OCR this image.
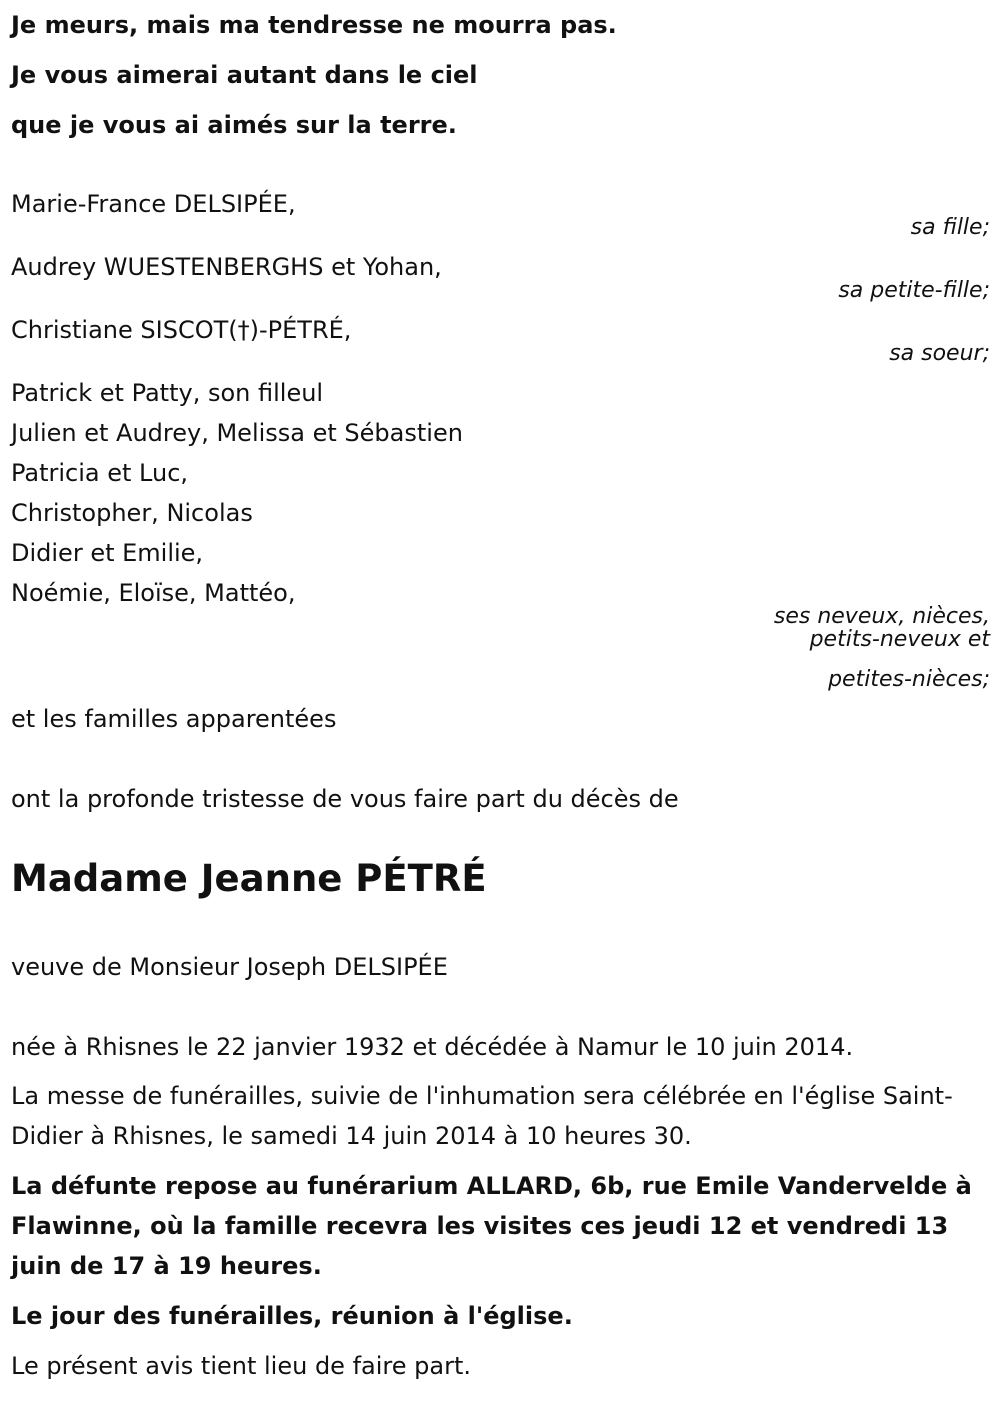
Je meurs, mais ma tendresse ne mourra pas.
Je vous aimerai autant dans le ciel
que je vous ai aimés sur la terre.
Marie-France DELSIPÉE,
sa fille;
Audrey WUESTENBERGHS et Yohan,
sa petite-fille;
Christiane SISCOT(†)-PÉTRÉ,
sa soeur;
Patrick et Patty, son filleul
Julien et Audrey, Melissa et Sébastien
Patricia et Luc,
Christopher, Nicolas
Didier et Emilie,
Noémie, Eloïse, Mattéo,
ses neveux, nièces,
petits-neveux et
petites-nièces;
et les familles apparentées
ont la profonde tristesse de vous faire part du décès de
Madame Jeanne PÉTRÉ
veuve de Monsieur Joseph DELSIPÉE
née à Rhisnes le 22 janvier 1932 et décédée à Namur le 10 juin 2014.
La messe de funérailles, suivie de l'inhumation sera célébrée en l'église Saint-Didier à Rhisnes, le samedi 14 juin 2014 à 10 heures 30.
La défunte repose au funérarium ALLARD, 6b, rue Emile Vandervelde à Flawinne, où la famille recevra les visites ces jeudi 12 et vendredi 13 juin de 17 à 19 heures.
Le jour des funérailles, réunion à l'église.
Le présent avis tient lieu de faire part.
